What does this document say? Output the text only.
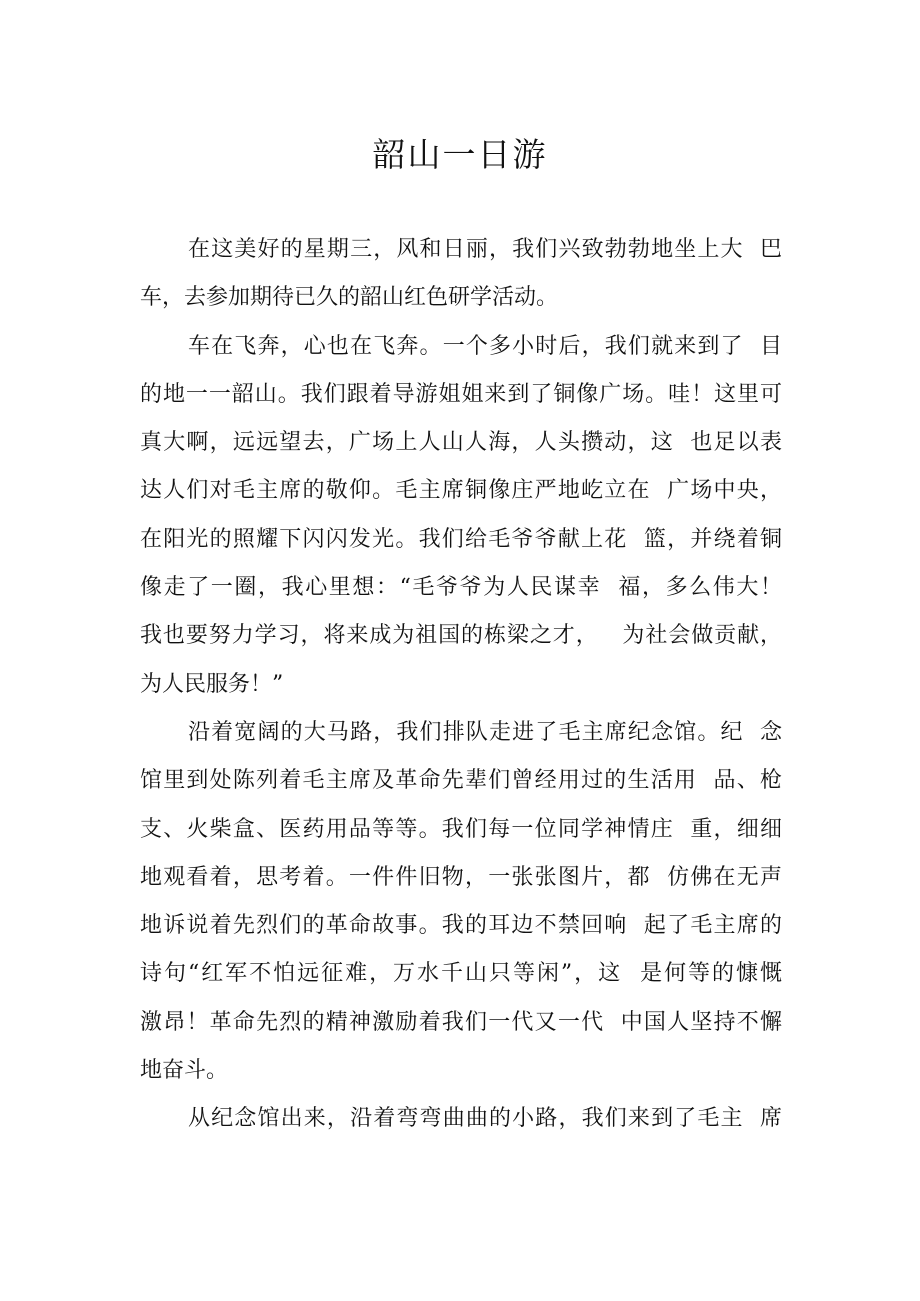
韶山一日游
在这美好的星期三，风和日丽，我们兴致勃勃地坐上大  巴
车，去参加期待已久的韶山红色研学活动。
车在飞奔，心也在飞奔。一个多小时后，我们就来到了  目
的地一一韶山。我们跟着导游姐姐来到了铜像广场。哇！这里可
真大啊，远远望去，广场上人山人海，人头攒动，这  也足以表
达人们对毛主席的敬仰。毛主席铜像庄严地屹立在  广场中央，
在阳光的照耀下闪闪发光。我们给毛爷爷献上花  篮，并绕着铜
像走了一圈，我心里想：“毛爷爷为人民谋幸  福，多么伟大！
我也要努力学习，将来成为祖国的栋梁之才，   为社会做贡献，
为人民服务！”
沿着宽阔的大马路，我们排队走进了毛主席纪念馆。纪  念
馆里到处陈列着毛主席及革命先辈们曾经用过的生活用  品、枪
支、火柴盒、医药用品等等。我们每一位同学神情庄  重，细细
地观看着，思考着。一件件旧物，一张张图片，都  仿佛在无声
地诉说着先烈们的革命故事。我的耳边不禁回响  起了毛主席的
诗句“红军不怕远征难，万水千山只等闲”，这  是何等的慷慨
激昂！革命先烈的精神激励着我们一代又一代  中国人坚持不懈
地奋斗。
从纪念馆出来，沿着弯弯曲曲的小路，我们来到了毛主  席
